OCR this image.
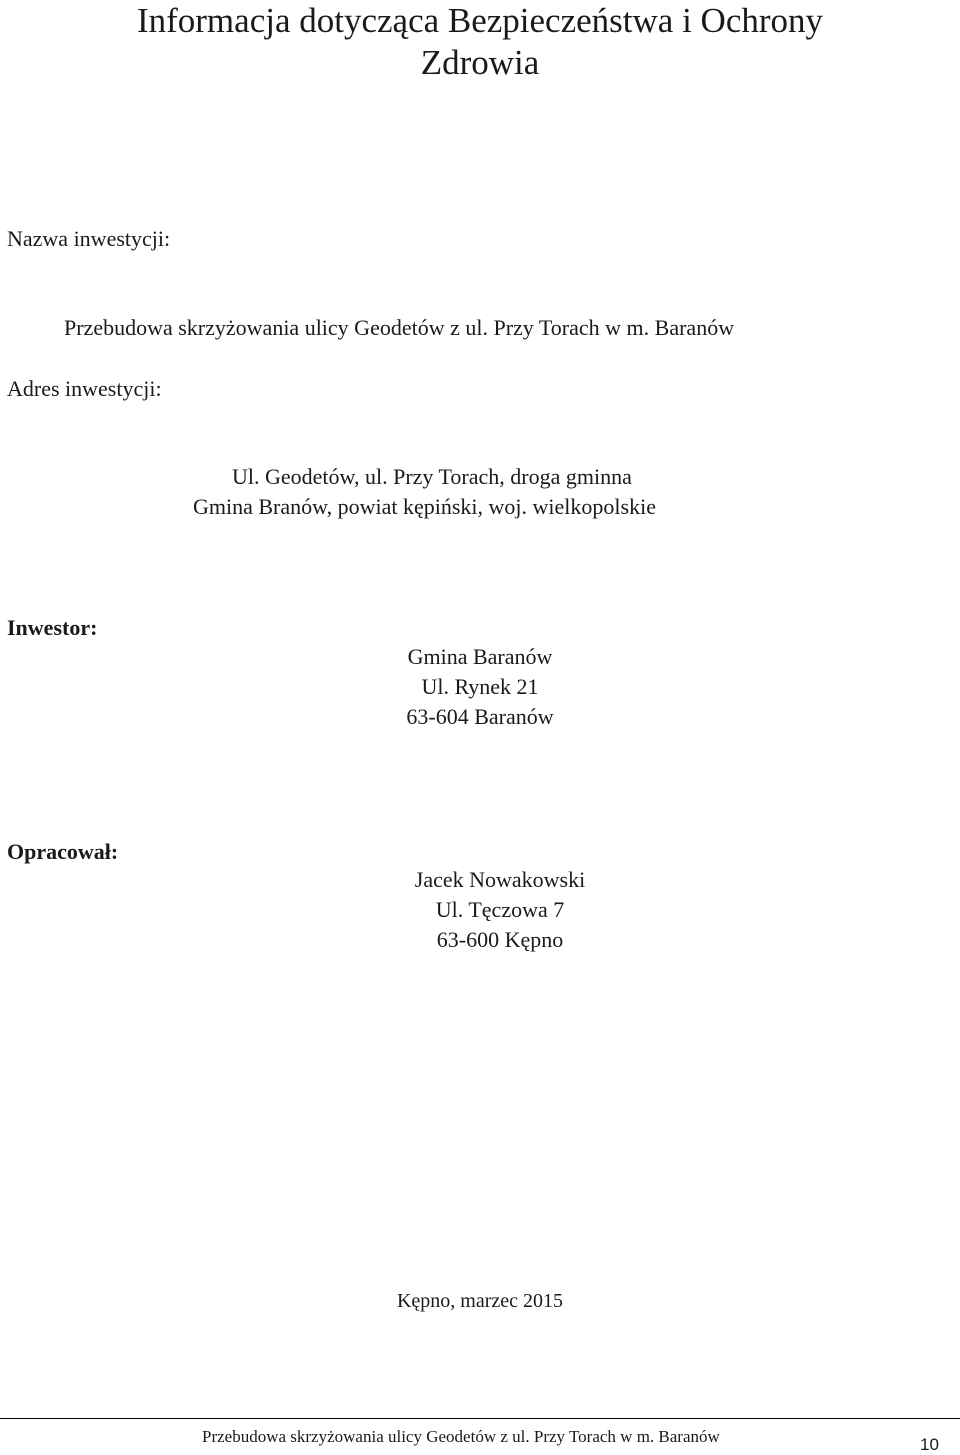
Informacja dotycząca Bezpieczeństwa i Ochrony
Zdrowia
Nazwa inwestycji:
Przebudowa skrzyżowania ulicy Geodetów z ul. Przy Torach w m. Baranów
Adres inwestycji:
Ul. Geodetów, ul. Przy Torach, droga gminna
Gmina Branów, powiat kępiński, woj. wielkopolskie
Inwestor:
Gmina Baranów
Ul. Rynek 21
63-604 Baranów
Opracował:
Jacek Nowakowski
Ul. Tęczowa 7
63-600 Kępno
Kępno, marzec 2015
Przebudowa skrzyżowania ulicy Geodetów z ul. Przy Torach w m. Baranów	10
